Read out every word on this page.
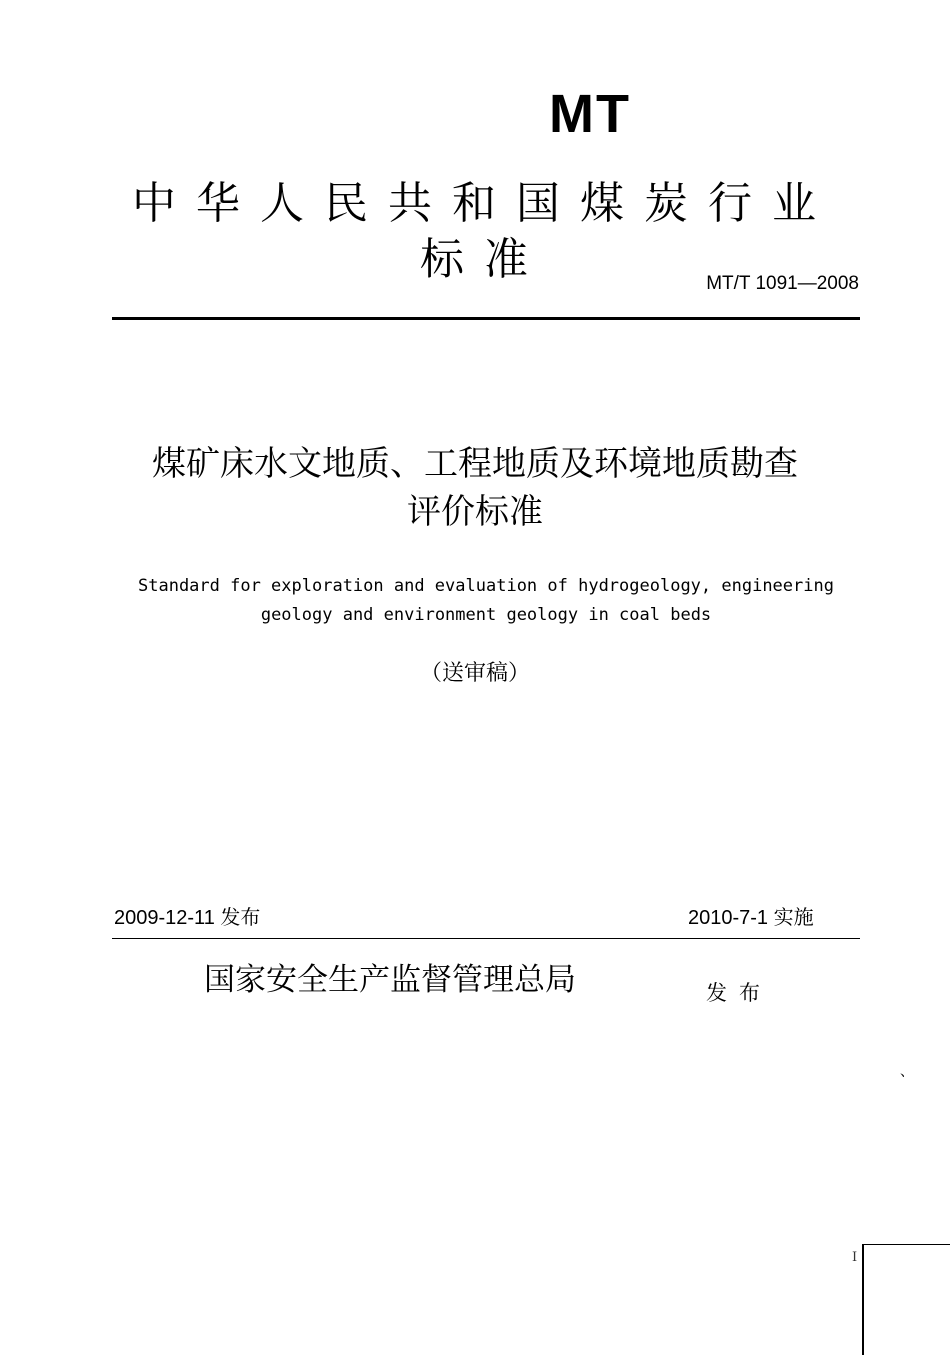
MT
中华人民共和国煤炭行业标准	MT/T 1091—2008
煤矿床水文地质、工程地质及环境地质勘查
评价标准
Standard for exploration and evaluation of hydrogeology, engineering
geology and environment geology in coal beds
（送审稿）
2009-12-11 发布	2010-7-1 实施
国家安全生产监督管理总局	发布
、
I
